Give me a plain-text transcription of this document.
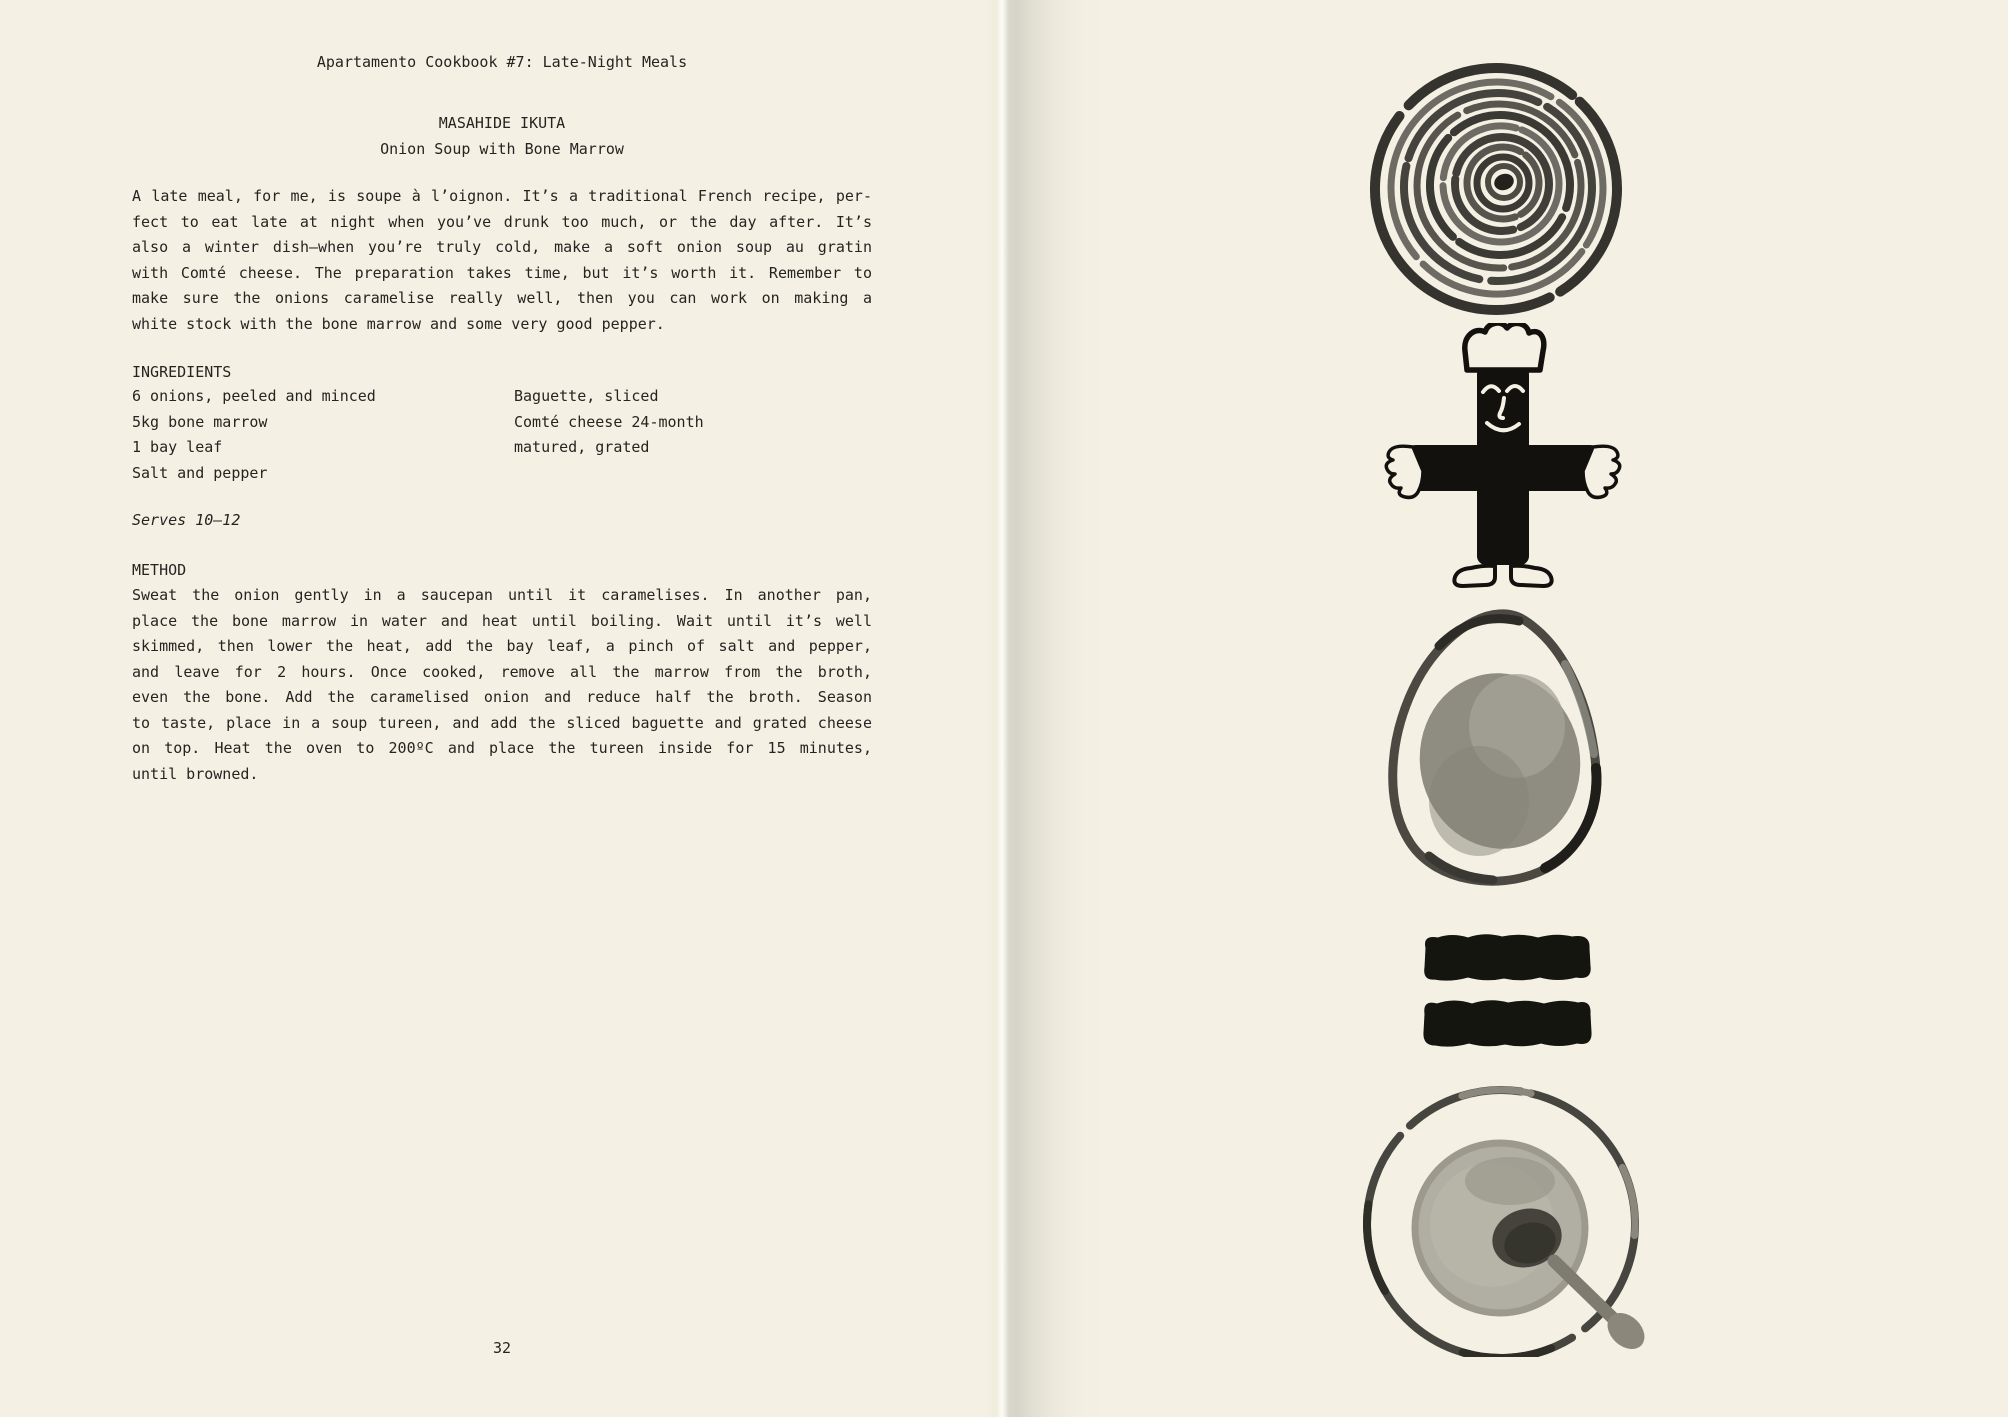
Apartamento Cookbook #7: Late-Night Meals
MASAHIDE IKUTA
Onion Soup with Bone Marrow
A late meal, for me, is soupe à l’oignon. It’s a traditional French recipe, per-
fect to eat late at night when you’ve drunk too much, or the day after. It’s
also a winter dish—when you’re truly cold, make a soft onion soup au gratin
with Comté cheese. The preparation takes time, but it’s worth it. Remember to
make sure the onions caramelise really well, then you can work on making a
white stock with the bone marrow and some very good pepper.
INGREDIENTS
6 onions, peeled and minced
5kg bone marrow
1 bay leaf
Salt and pepper
Baguette, sliced
Comté cheese 24-month
matured, grated
Serves 10–12
METHOD
Sweat the onion gently in a saucepan until it caramelises. In another pan,
place the bone marrow in water and heat until boiling. Wait until it’s well
skimmed, then lower the heat, add the bay leaf, a pinch of salt and pepper,
and leave for 2 hours. Once cooked, remove all the marrow from the broth,
even the bone. Add the caramelised onion and reduce half the broth. Season
to taste, place in a soup tureen, and add the sliced baguette and grated cheese
on top. Heat the oven to 200ºC and place the tureen inside for 15 minutes,
until browned.
32
